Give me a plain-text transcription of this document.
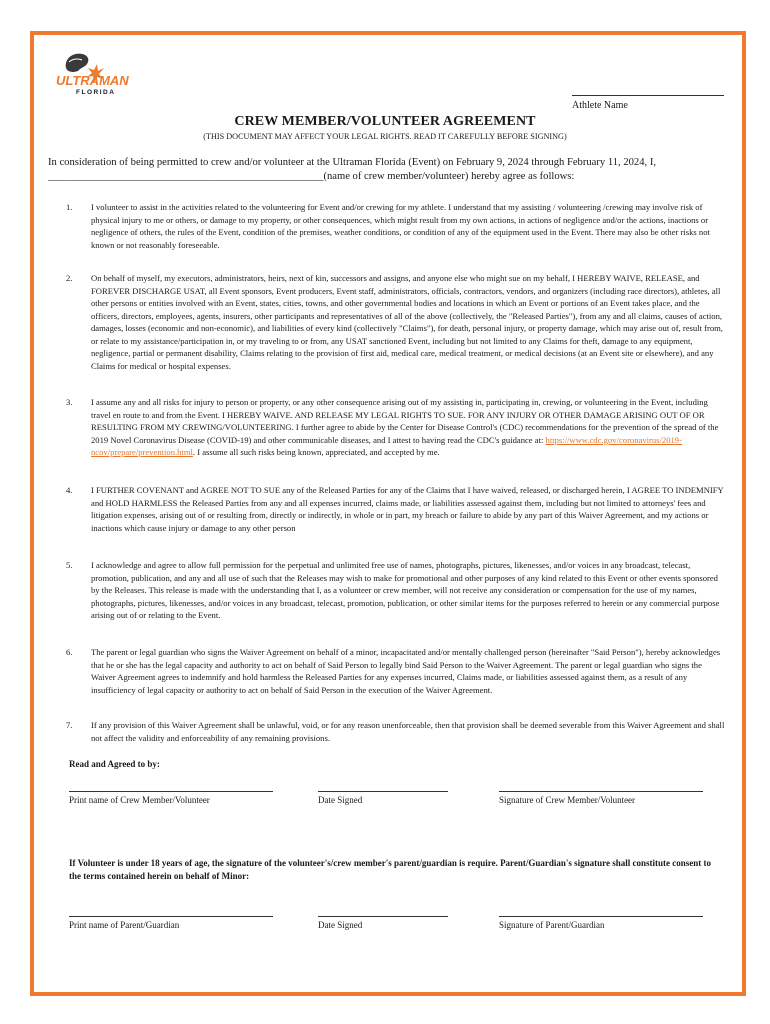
ULTRAMAN
FLORIDA
Athlete Name
CREW MEMBER/VOLUNTEER AGREEMENT
(THIS DOCUMENT MAY AFFECT YOUR LEGAL RIGHTS. READ IT CAREFULLY BEFORE SIGNING)
In consideration of being permitted to crew and/or volunteer at the Ultraman Florida (Event) on February 9, 2024 through February 11, 2024, I, ____________________________________________________(name of crew member/volunteer) hereby agree as follows:
1. I volunteer to assist in the activities related to the volunteering for Event and/or crewing for my athlete. I understand that my assisting / volunteering /crewing may involve risk of physical injury to me or others, or damage to my property, or other consequences, which might result from my own actions, in actions of negligence and/or the actions, inactions or negligence of others, the rules of the Event, condition of the premises, weather conditions, or condition of any of the equipment used in the Event. There may also be other risks not known or not reasonably foreseeable.
2. On behalf of myself, my executors, administrators, heirs, next of kin, successors and assigns, and anyone else who might sue on my behalf, I HEREBY WAIVE, RELEASE, and FOREVER DISCHARGE USAT, all Event sponsors, Event producers, Event staff, administrators, officials, contractors, vendors, and organizers (including race directors), athletes, all other persons or entities involved with an Event, states, cities, towns, and other governmental bodies and locations in which an Event or portions of an Event takes place, and the officers, directors, employees, agents, insurers, other participants and representatives of all of the above (collectively, the "Released Parties"), from any and all claims, causes of action, damages, losses (economic and non-economic), and liabilities of every kind (collectively "Claims"), for death, personal injury, or property damage, which may arise out of, result from, or relate to my assistance/participation in, or my traveling to or from, any USAT sanctioned Event, including but not limited to any Claims for theft, damage to any equipment, negligence, partial or permanent disability, Claims relating to the provision of first aid, medical care, medical treatment, or medical decisions (at an Event site or elsewhere), and any Claims for medical or hospital expenses.
3. I assume any and all risks for injury to person or property, or any other consequence arising out of my assisting in, participating in, crewing, or volunteering in the Event, including travel en route to and from the Event. I HEREBY WAIVE. AND RELEASE MY LEGAL RIGHTS TO SUE. FOR ANY INJURY OR OTHER DAMAGE ARISING OUT OF OR RESULTING FROM MY CREWING/VOLUNTEERING. I further agree to abide by the Center for Disease Control's (CDC) recommendations for the prevention of the spread of the 2019 Novel Coronavirus Disease (COVID-19) and other communicable diseases, and I attest to having read the CDC's guidance at: https://www.cdc.gov/coronavirus/2019-ncov/prepare/prevention.html. I assume all such risks being known, appreciated, and accepted by me.
4. I FURTHER COVENANT and AGREE NOT TO SUE any of the Released Parties for any of the Claims that I have waived, released, or discharged herein, I AGREE TO INDEMNIFY and HOLD HARMLESS the Released Parties from any and all expenses incurred, claims made, or liabilities assessed against them, including but not limited to attorneys' fees and litigation expenses, arising out of or resulting from, directly or indirectly, in whole or in part, my breach or failure to abide by any part of this Waiver Agreement, and my actions or inactions which cause injury or damage to any other person
5. I acknowledge and agree to allow full permission for the perpetual and unlimited free use of names, photographs, pictures, likenesses, and/or voices in any broadcast, telecast, promotion, publication, and any and all use of such that the Releases may wish to make for promotional and other purposes of any kind related to this Event or other events sponsored by the Releases. This release is made with the understanding that I, as a volunteer or crew member, will not receive any consideration or compensation for the use of my names, photographs, pictures, likenesses, and/or voices in any broadcast, telecast, promotion, publication, or other similar items for the purposes referred to herein or any commercial purpose arising out of or relating to the Event.
6. The parent or legal guardian who signs the Waiver Agreement on behalf of a minor, incapacitated and/or mentally challenged person (hereinafter "Said Person"), hereby acknowledges that he or she has the legal capacity and authority to act on behalf of Said Person to legally bind Said Person to the Waiver Agreement. The parent or legal guardian who signs the Waiver Agreement agrees to indemnify and hold harmless the Released Parties for any expenses incurred, Claims made, or liabilities assessed against them, as a result of any insufficiency of legal capacity or authority to act on behalf of Said Person in the execution of the Waiver Agreement.
7. If any provision of this Waiver Agreement shall be unlawful, void, or for any reason unenforceable, then that provision shall be deemed severable from this Waiver Agreement and shall not affect the validity and enforceability of any remaining provisions.
Read and Agreed to by:
Print name of Crew Member/Volunteer	Date Signed	Signature of Crew Member/Volunteer
If Volunteer is under 18 years of age, the signature of the volunteer's/crew member's parent/guardian is require. Parent/Guardian's signature shall constitute consent to the terms contained herein on behalf of Minor:
Print name of Parent/Guardian	Date Signed	Signature of Parent/Guardian
